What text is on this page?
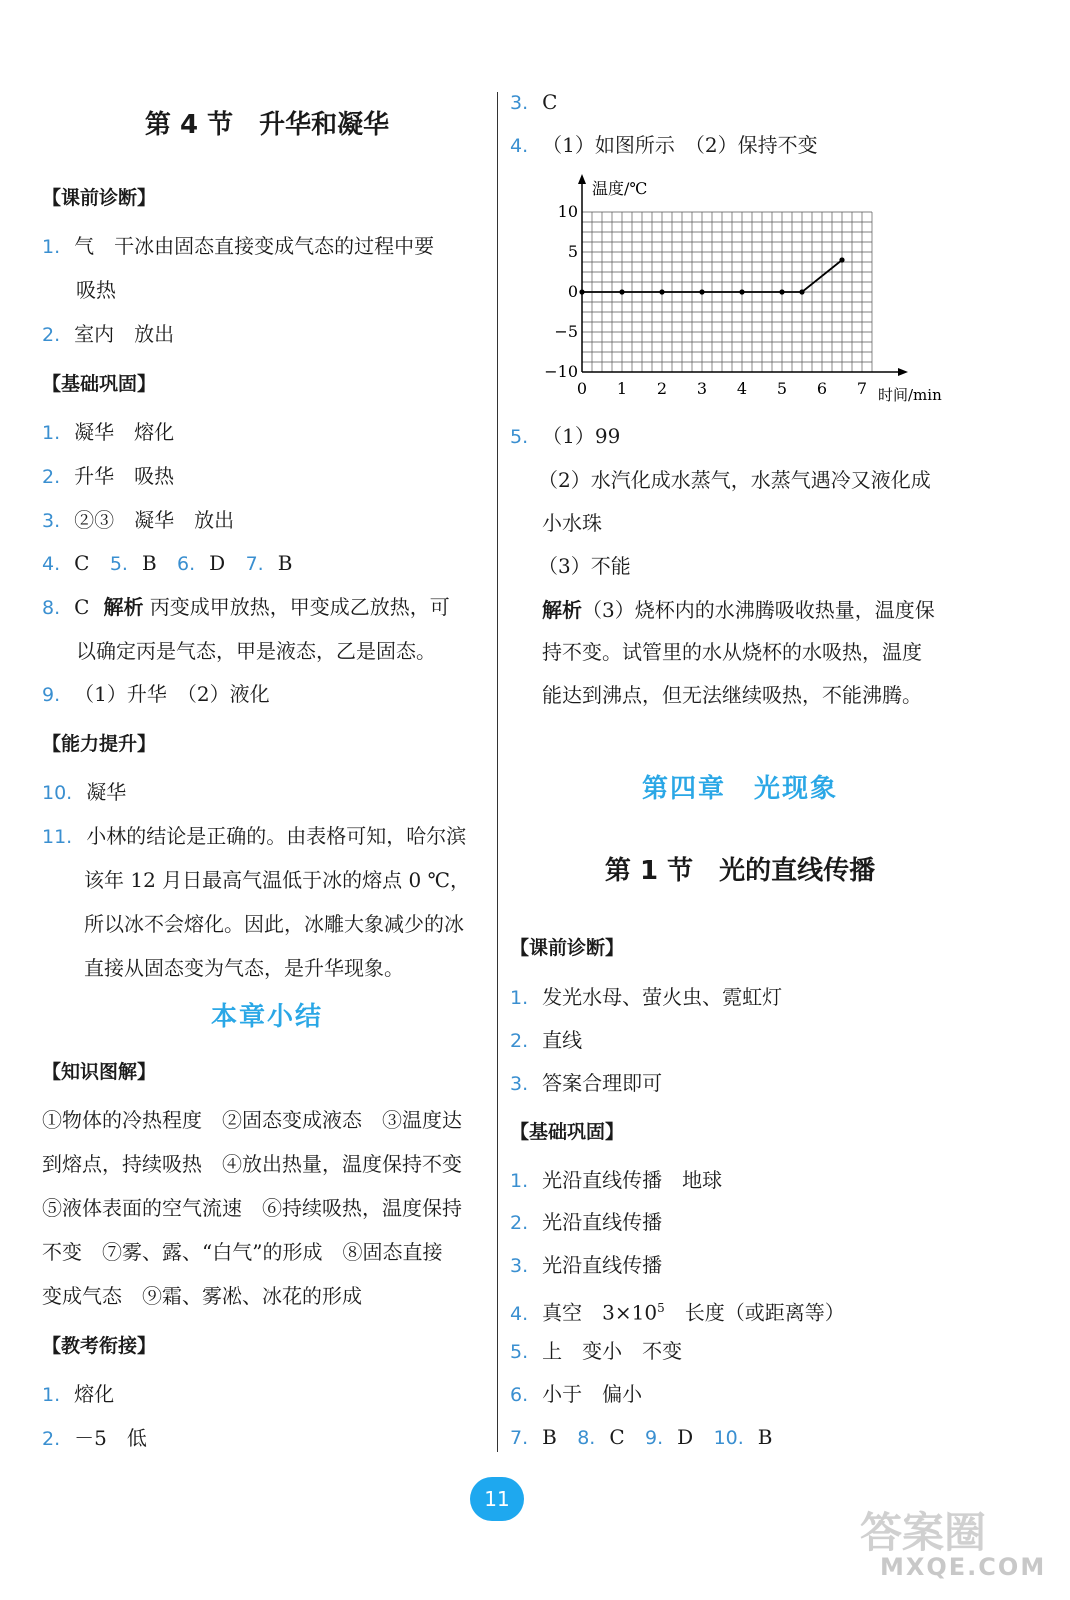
第 4 节　升华和凝华
【课前诊断】
1. 气　干冰由固态直接变成气态的过程中要
吸热
2. 室内　放出
【基础巩固】
1. 凝华　熔化
2. 升华　吸热
3. ②③　凝华　放出
4. C 5. B 6. D 7. B
8. C 解析 丙变成甲放热，甲变成乙放热，可
以确定丙是气态，甲是液态，乙是固态。
9. （1）升华　（2）液化
【能力提升】
10. 凝华
11. 小林的结论是正确的。由表格可知，哈尔滨
该年 12 月日最高气温低于冰的熔点 0 ℃，
所以冰不会熔化。因此，冰雕大象减少的冰
直接从固态变为气态，是升华现象。
本章小结
【知识图解】
①物体的冷热程度　②固态变成液态　③温度达
到熔点，持续吸热　④放出热量，温度保持不变
⑤液体表面的空气流速　⑥持续吸热，温度保持
不变　⑦雾、露、“白气”的形成　⑧固态直接
变成气态　⑨霜、雾凇、冰花的形成
【教考衔接】
1. 熔化
2. －5　低
3. C
4. （1）如图所示　（2）保持不变
温度/℃
时间/min
0 1 2 3 4 5 6 7
10
5
0
−5
−10
5. （1）99
（2）水汽化成水蒸气，水蒸气遇冷又液化成
小水珠
（3）不能
解析（3）烧杯内的水沸腾吸收热量，温度保
持不变。试管里的水从烧杯的水吸热，温度
能达到沸点，但无法继续吸热，不能沸腾。
第四章　光现象
第 1 节　光的直线传播
【课前诊断】
1. 发光水母、萤火虫、霓虹灯
2. 直线
3. 答案合理即可
【基础巩固】
1. 光沿直线传播　地球
2. 光沿直线传播
3. 光沿直线传播
4. 真空　$3\times 10^5$　长度（或距离等）
5. 上　变小　不变
6. 小于　偏小
7. B 8. C 9. D 10. B
11
答案圈
MXQE.COM
